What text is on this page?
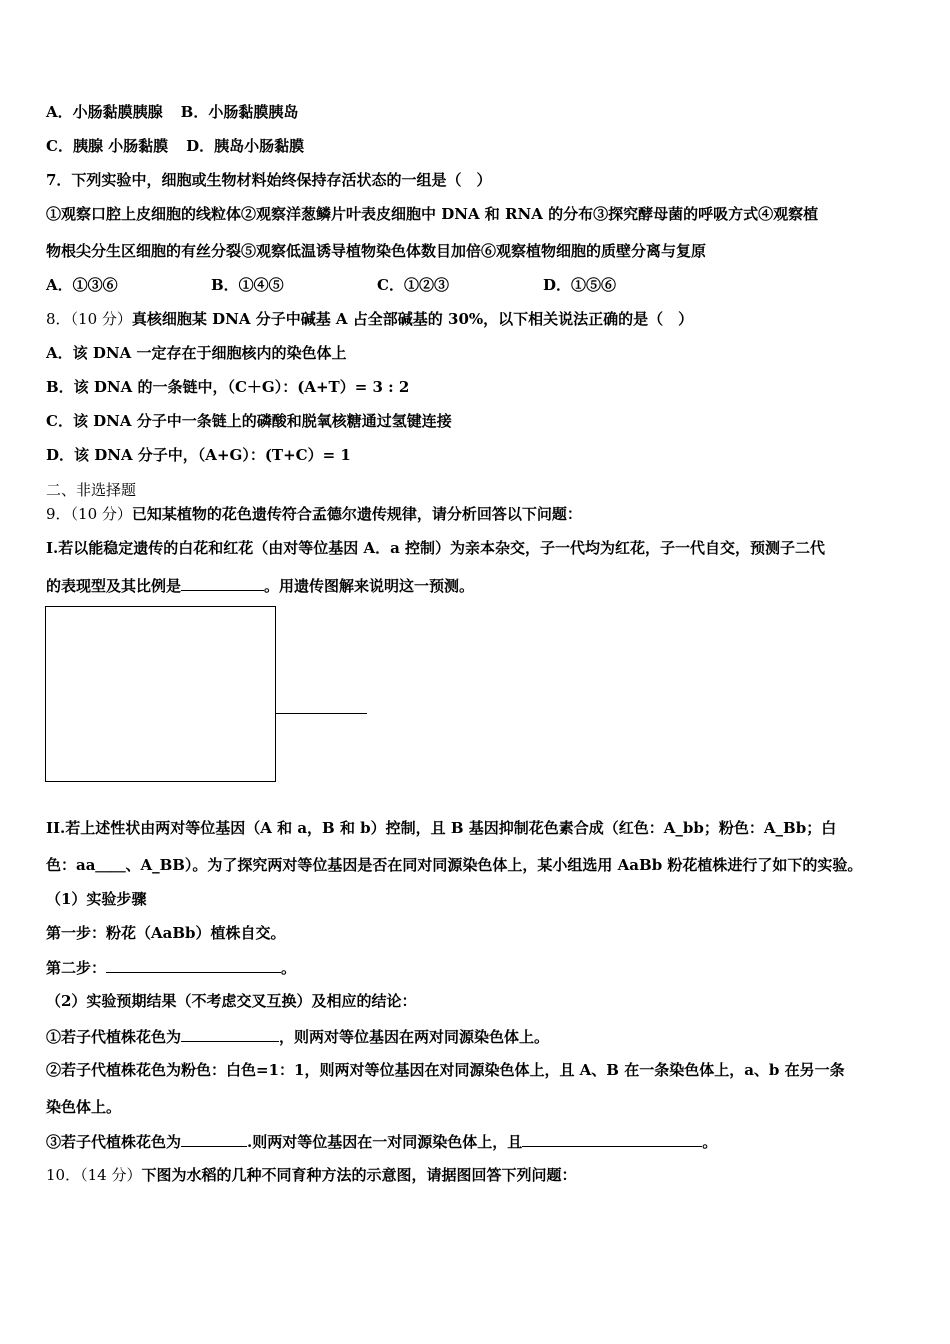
A．小肠黏膜胰腺 B．小肠黏膜胰岛
C．胰腺 小肠黏膜 D．胰岛小肠黏膜
7．下列实验中，细胞或生物材料始终保持存活状态的一组是（　）
①观察口腔上皮细胞的线粒体②观察洋葱鳞片叶表皮细胞中 DNA 和 RNA 的分布③探究酵母菌的呼吸方式④观察植
物根尖分生区细胞的有丝分裂⑤观察低温诱导植物染色体数目加倍⑥观察植物细胞的质壁分离与复原
A．①③⑥	B．①④⑤	C．①②③	D．①⑤⑥
8．（10 分）真核细胞某 DNA 分子中碱基 A 占全部碱基的 30%，以下相关说法正确的是（　）
A．该 DNA 一定存在于细胞核内的染色体上
B．该 DNA 的一条链中，（C＋G）：(A+T）= 3 : 2
C．该 DNA 分子中一条链上的磷酸和脱氧核糖通过氢键连接
D．该 DNA 分子中，（A+G）：(T+C）= 1
二、非选择题
9．（10 分）已知某植物的花色遗传符合孟德尔遗传规律，请分析回答以下问题：
I.若以能稳定遗传的白花和红花（由对等位基因 A．a 控制）为亲本杂交，子一代均为红花，子一代自交，预测子二代
的表现型及其比例是	。用遗传图解来说明这一预测。
II.若上述性状由两对等位基因（A 和 a，B 和 b）控制，且 B 基因抑制花色素合成（红色：A_bb；粉色：A_Bb；白
色：aa＿＿、A_BB）。为了探究两对等位基因是否在同对同源染色体上，某小组选用 AaBb 粉花植株进行了如下的实验。
（1）实验步骤
第一步：粉花（AaBb）植株自交。
第二步：	。
（2）实验预期结果（不考虑交叉互换）及相应的结论：
①若子代植株花色为	，则两对等位基因在两对同源染色体上。
②若子代植株花色为粉色：白色=1：1，则两对等位基因在对同源染色体上，且 A、B 在一条染色体上，a、b 在另一条
染色体上。
③若子代植株花色为	.则两对等位基因在一对同源染色体上，且	。
10．（14 分）下图为水稻的几种不同育种方法的示意图，请据图回答下列问题：
